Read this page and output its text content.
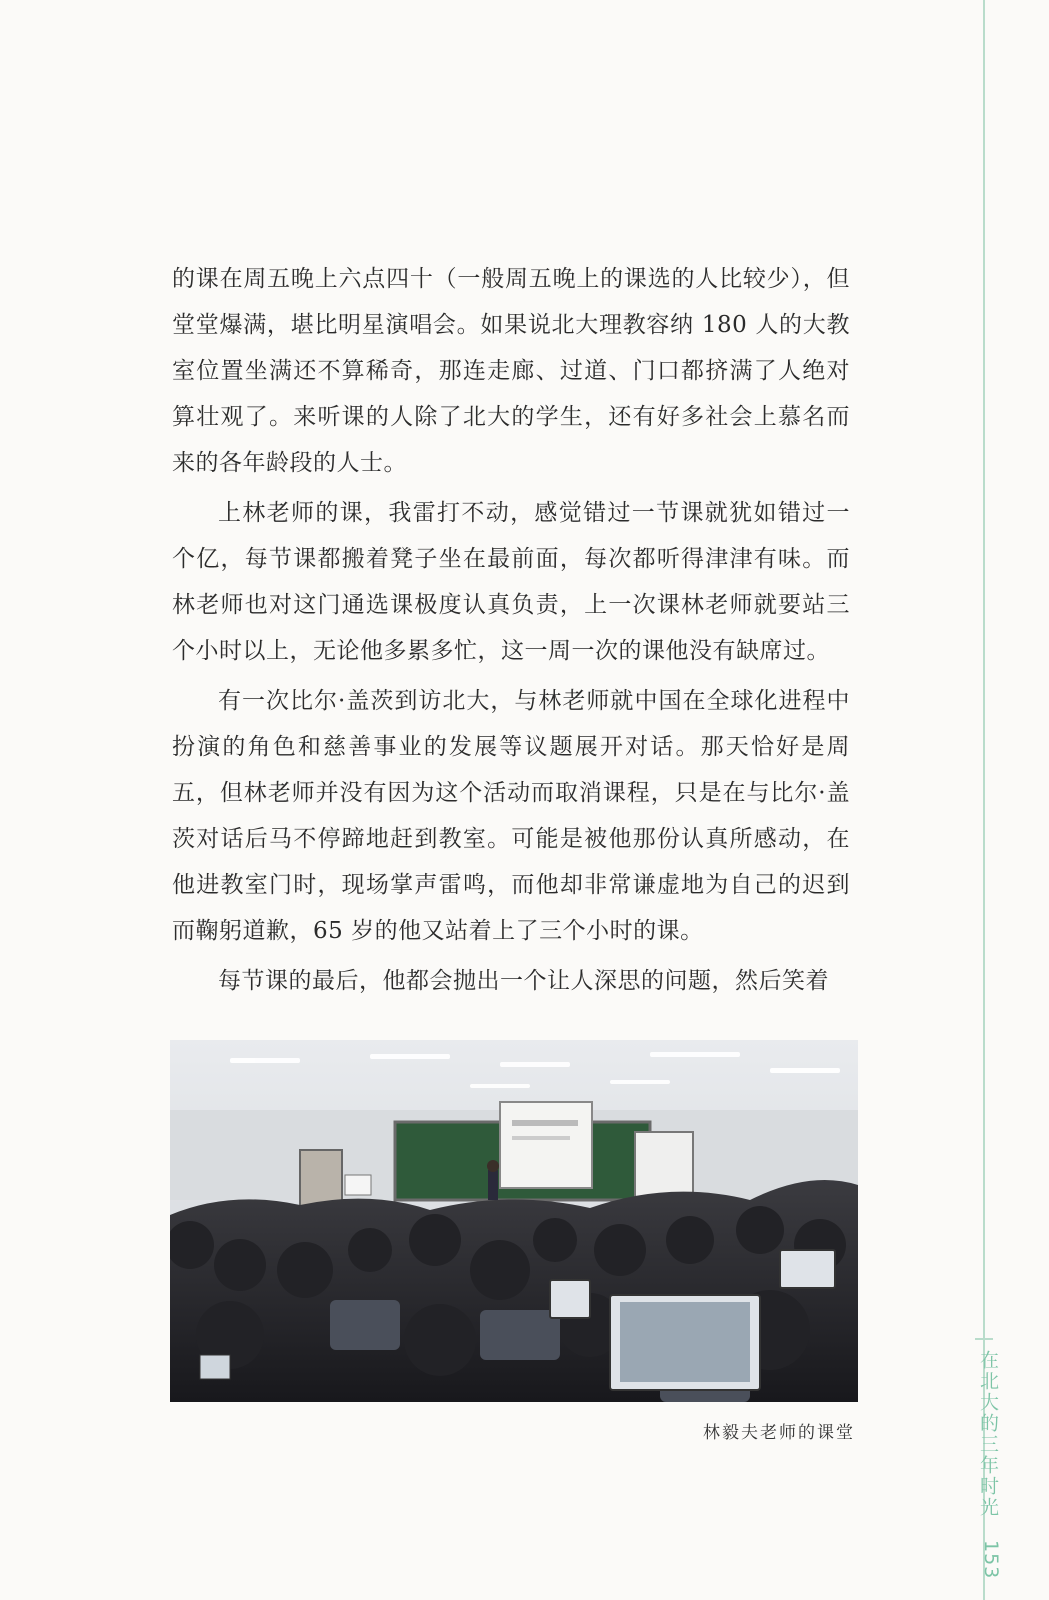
的课在周五晚上六点四十（一般周五晚上的课选的人比较少），但堂堂爆满，堪比明星演唱会。如果说北大理教容纳 180 人的大教室位置坐满还不算稀奇，那连走廊、过道、门口都挤满了人绝对算壮观了。来听课的人除了北大的学生，还有好多社会上慕名而来的各年龄段的人士。

上林老师的课，我雷打不动，感觉错过一节课就犹如错过一个亿，每节课都搬着凳子坐在最前面，每次都听得津津有味。而林老师也对这门通选课极度认真负责，上一次课林老师就要站三个小时以上，无论他多累多忙，这一周一次的课他没有缺席过。

有一次比尔·盖茨到访北大，与林老师就中国在全球化进程中扮演的角色和慈善事业的发展等议题展开对话。那天恰好是周五，但林老师并没有因为这个活动而取消课程，只是在与比尔·盖茨对话后马不停蹄地赶到教室。可能是被他那份认真所感动，在他进教室门时，现场掌声雷鸣，而他却非常谦虚地为自己的迟到而鞠躬道歉，65 岁的他又站着上了三个小时的课。

每节课的最后，他都会抛出一个让人深思的问题，然后笑着

林毅夫老师的课堂	在北大的三年时光
153
